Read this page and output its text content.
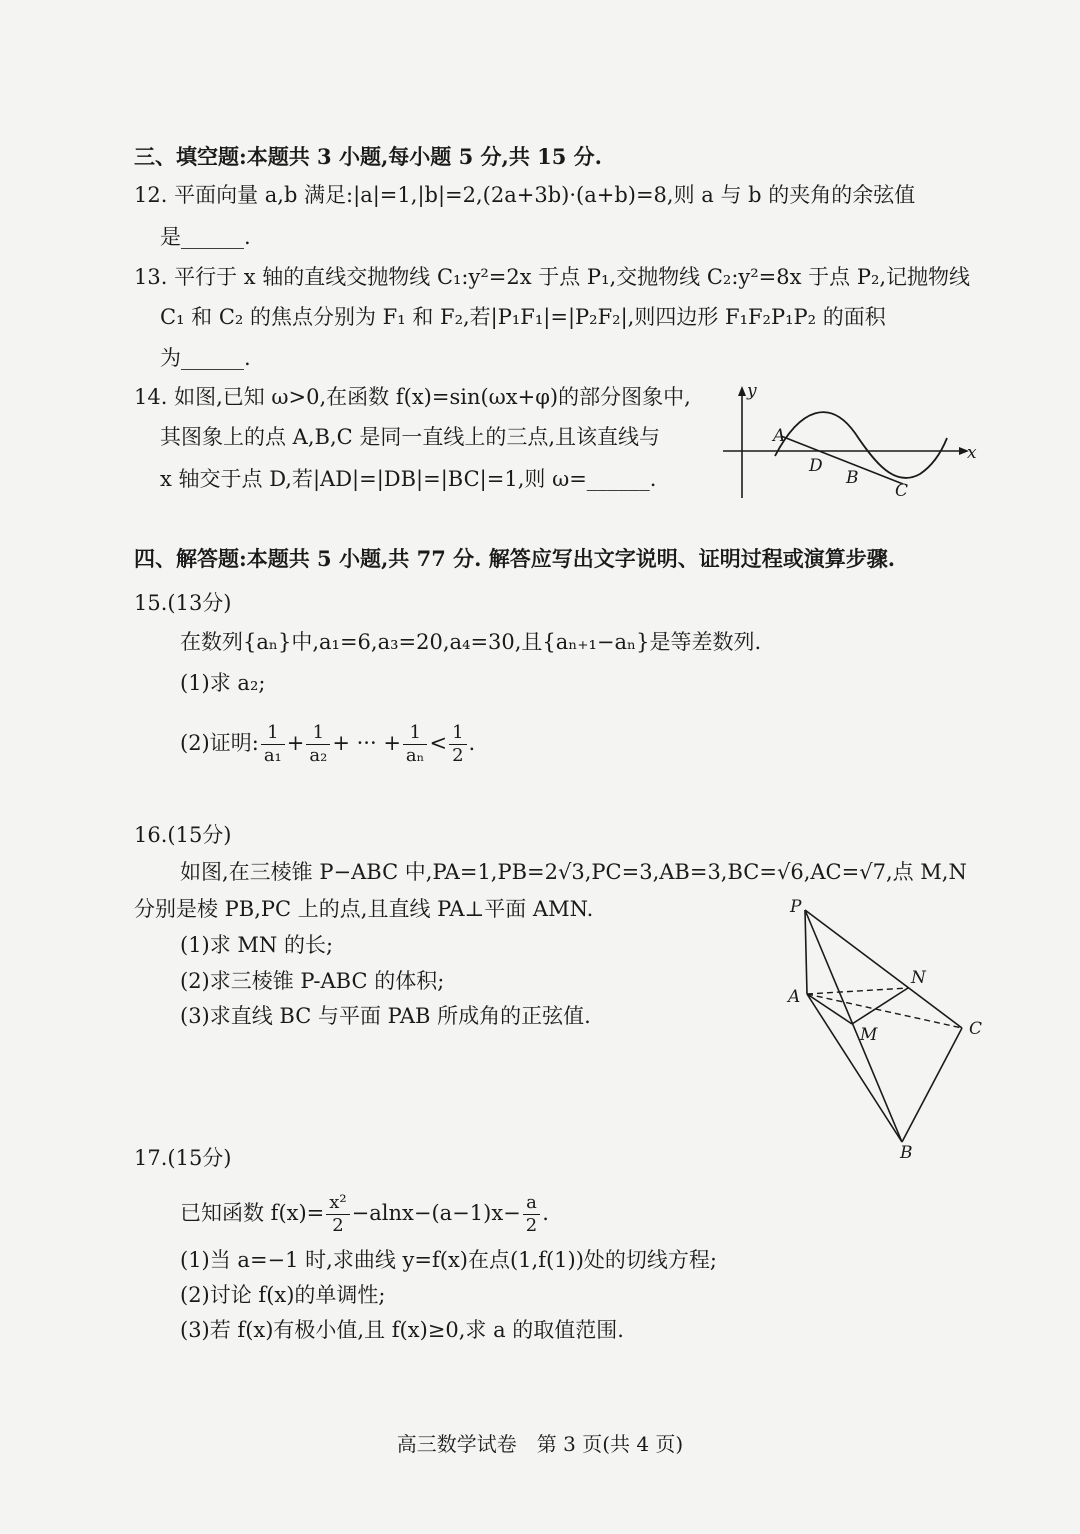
三、填空题:本题共 3 小题,每小题 5 分,共 15 分.
12. 平面向量 a,b 满足:|a|=1,|b|=2,(2a+3b)·(a+b)=8,则 a 与 b 的夹角的余弦值
是______.
13. 平行于 x 轴的直线交抛物线 C₁:y²=2x 于点 P₁,交抛物线 C₂:y²=8x 于点 P₂,记抛物线
C₁ 和 C₂ 的焦点分别为 F₁ 和 F₂,若|P₁F₁|=|P₂F₂|,则四边形 F₁F₂P₁P₂ 的面积
为______.
14. 如图,已知 ω>0,在函数 f(x)=sin(ωx+φ)的部分图象中,
其图象上的点 A,B,C 是同一直线上的三点,且该直线与
x 轴交于点 D,若|AD|=|DB|=|BC|=1,则 ω=______.
y
x
A
D
B
C
四、解答题:本题共 5 小题,共 77 分. 解答应写出文字说明、证明过程或演算步骤.
15.(13分)
在数列{aₙ}中,a₁=6,a₃=20,a₄=30,且{aₙ₊₁−aₙ}是等差数列.
(1)求 a₂;
(2)证明: $\frac{1}{\text{a₁}} + \frac{1}{\text{a₂}}$ + ··· + $\frac{1}{\text{aₙ}} < \frac{1}{2}$ .
16.(15分)
如图,在三棱锥 P−ABC 中,PA=1,PB=2√3,PC=3,AB=3,BC=√6,AC=√7,点 M,N
分别是棱 PB,PC 上的点,且直线 PA⊥平面 AMN.
(1)求 MN 的长;
(2)求三棱锥 P-ABC 的体积;
(3)求直线 BC 与平面 PAB 所成角的正弦值.
P
A
N
M	C
B
17.(15分)
已知函数 $f(x)= \frac{\text{x²}}{2} -alnx-(a-1)x- \frac{a}{2}$ .
(1)当 a=−1 时,求曲线 y=f(x)在点(1,f(1))处的切线方程;
(2)讨论 f(x)的单调性;
(3)若 f(x)有极小值,且 f(x)≥0,求 a 的取值范围.
高三数学试卷　第 3 页(共 4 页)
